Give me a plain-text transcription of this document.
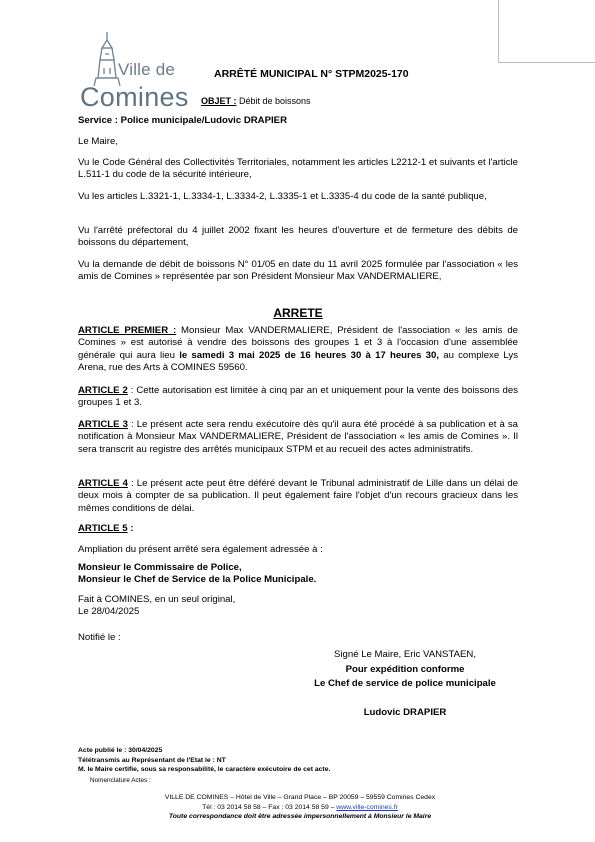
Ville de
Comines
ARRÊTÉ MUNICIPAL N° STPM2025-170
OBJET : Débit de boissons
Service : Police municipale/Ludovic DRAPIER
Le Maire,
Vu le Code Général des Collectivités Territoriales, notamment les articles L2212-1 et suivants et l'article L.511-1 du code de la sécurité intérieure,
Vu les articles L.3321-1, L.3334-1, L.3334-2, L.3335-1 et L.3335-4 du code de la santé publique,
Vu l'arrêté préfectoral du 4 juillet 2002 fixant les heures d'ouverture et de fermeture des débits de boissons du département,
Vu la demande de débit de boissons N° 01/05 en date du 11 avril 2025 formulée par l'association « les amis de Comines » représentée par son Président Monsieur Max VANDERMALIERE,
ARRETE
ARTICLE PREMIER : Monsieur Max VANDERMALIERE, Président de l'association « les amis de Comines » est autorisé à vendre des boissons des groupes 1 et 3 à l'occasion d'une assemblée générale qui aura lieu le samedi 3 mai 2025 de 16 heures 30 à 17 heures 30, au complexe Lys Arena, rue des Arts à COMINES 59560.
ARTICLE 2 : Cette autorisation est limitée à cinq par an et uniquement pour la vente des boissons des groupes 1 et 3.
ARTICLE 3 : Le présent acte sera rendu exécutoire dès qu'il aura été procédé à sa publication et à sa notification à Monsieur Max VANDERMALIERE, Président de l'association « les amis de Comines ». Il sera transcrit au registre des arrêtés municipaux STPM et au recueil des actes administratifs.
ARTICLE 4 : Le présent acte peut être déféré devant le Tribunal administratif de Lille dans un délai de deux mois à compter de sa publication. Il peut également faire l'objet d'un recours gracieux dans les mêmes conditions de délai.
ARTICLE 5 :
Ampliation du présent arrêté sera également adressée à :
Monsieur le Commissaire de Police,
Monsieur le Chef de Service de la Police Municipale.
Fait à COMINES, en un seul original,
Le 28/04/2025
Notifié le :
Signé Le Maire, Eric VANSTAEN,
Pour expédition conforme
Le Chef de service de police municipale
Ludovic DRAPIER
Acte publié le : 30/04/2025
Télétransmis au Représentant de l'Etat le : NT
M. le Maire certifie, sous sa responsabilité, le caractère exécutoire de cet acte.
Nomenclature Actes :
VILLE DE COMINES – Hôtel de Ville – Grand Place – BP 20059 – 59559 Comines Cedex
Tél : 03 2014 58 58 – Fax : 03 2014 58 59 – www.ville-comines.fr
Toute correspondance doit être adressée impersonnellement à Monsieur le Maire
